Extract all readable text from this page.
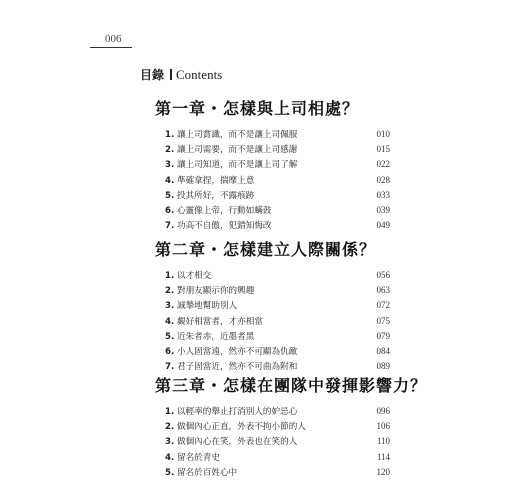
006
目錄 Contents
第一章・怎樣與上司相處？
1. 讓上司賞識，而不是讓上司佩服	010
2. 讓上司需要，而不是讓上司感謝	015
3. 讓上司知道，而不是讓上司了解	022
4. 準確拿捏，揣摩上意	028
5. 投其所好，不露痕跡	033
6. 心靈像上帝，行動如蟎鼓	039
7. 功高不自傲，犯錯知悔改	049
第二章・怎樣建立人際關係？
1. 以才相交	056
2. 對朋友顯示你的興趣	063
3. 誠摯地幫助別人	072
4. 覷好相當者，才亦相當	075
5. 近朱者赤，近墨者黑	079
6. 小人固當遠，然亦不可顯為仇敵	084
7. 君子固當近，然亦不可曲為附和	089
第三章・怎樣在團隊中發揮影響力？
1. 以輕率的舉止打消別人的妒忌心	096
2. 做個內心正直，外表不拘小節的人	106
3. 做個內心在笑，外表也在笑的人	110
4. 留名於青史	114
5. 留名於百姓心中	120
